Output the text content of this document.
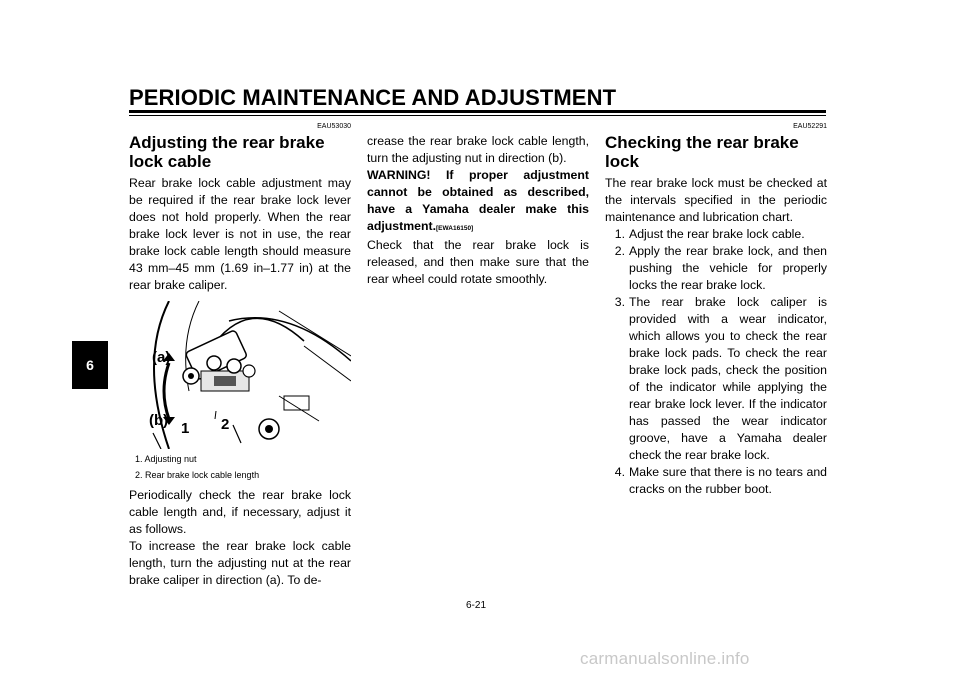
PERIODIC MAINTENANCE AND ADJUSTMENT
6
EAU53030
Adjusting the rear brake lock cable

Rear brake lock cable adjustment may be required if the rear brake lock lever does not hold properly. When the rear brake lock lever is not in use, the rear brake lock cable length should measure 43 mm–45 mm (1.69 in–1.77 in) at the rear brake caliper.

(a)
(b) 1 2
1. Adjusting nut
2. Rear brake lock cable length

Periodically check the rear brake lock cable length and, if necessary, adjust it as follows.

To increase the rear brake lock cable length, turn the adjusting nut at the rear brake caliper in direction (a). To de-

crease the rear brake lock cable length, turn the adjusting nut in direction (b).

WARNING! If proper adjustment cannot be obtained as described, have a Yamaha dealer make this adjustment.[EWA16150]

Check that the rear brake lock is released, and then make sure that the rear wheel could rotate smoothly.

EAU52291
Checking the rear brake lock

The rear brake lock must be checked at the intervals specified in the periodic maintenance and lubrication chart.

1. Adjust the rear brake lock cable.
2. Apply the rear brake lock, and then pushing the vehicle for properly locks the rear brake lock.
3. The rear brake lock caliper is provided with a wear indicator, which allows you to check the rear brake lock pads. To check the rear brake lock pads, check the position of the indicator while applying the rear brake lock lever. If the indicator has passed the wear indicator groove, have a Yamaha dealer check the rear brake lock.
4. Make sure that there is no tears and cracks on the rubber boot.
6-21
carmanualsonline.info
